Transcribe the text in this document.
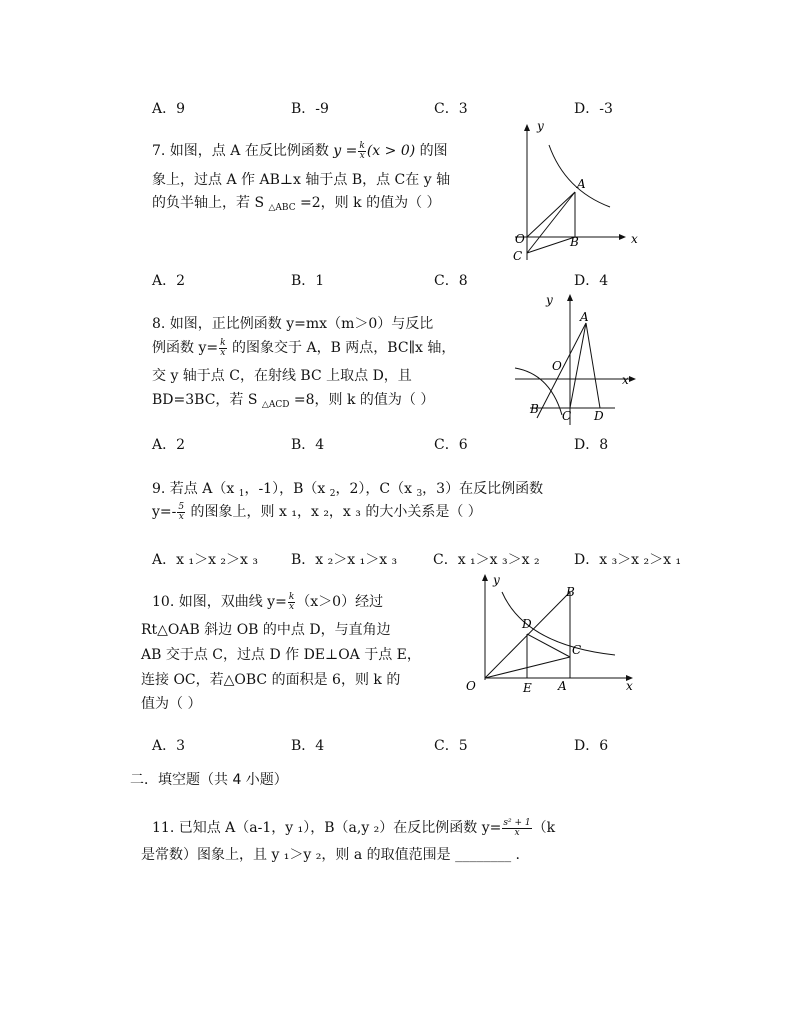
A．9	B．-9	C．3	D．-3
7. 如图，点 A 在反比例函数 $y = \frac{k}{x} (x > 0)$ 的图
象上，过点 A 作 AB⊥x 轴于点 B，点 C在 y 轴
的负半轴上，若 S $_{\triangle ABC}$ =2，则 k 的值为（ ）
y
x
A
B
O
C
A．2	B．1	C．8	D．4
8. 如图，正比例函数 y=mx（m＞0）与反比
例函数 $y= \frac{k}{x}$ 的图象交于 A，B 两点，BC∥x 轴，
交 y 轴于点 C，在射线 BC 上取点 D，且
BD=3BC，若 S $_{\triangle ACD}$ =8，则 k 的值为（ ）
y
x
A
O
B C D
A．2	B．4	C．6	D．8
9. 若点 A（x $_1$，-1），B（x $_2$，2），C（x $_3$，3）在反比例函数
$y=- \frac{5}{x}$ 的图象上，则 x ₁，x ₂，x ₃ 的大小关系是（ ）
A．x ₁＞x ₂＞x ₃ B．x ₂＞x ₁＞x ₃	C．x ₁＞x ₃＞x ₂ D．x ₃＞x ₂＞x ₁
10. 如图，双曲线 $y= \frac{k}{x} (x>0)$经过
Rt△OAB 斜边 OB 的中点 D，与直角边
AB 交于点 C，过点 D 作 DE⊥OA 于点 E，
连接 OC，若△OBC 的面积是 6，则 k 的
值为（ ）
y
x
B
D
C
O	E A
A．3	B．4	C．5	D．6
二．填空题（共 4 小题）
11. 已知点 A（a-1，y ₁），B（a,y ₂）在反比例函数 $y= \frac{\text{s² + 1}}{x} (k$
是常数）图象上，且 y ₁＞y ₂，则 a 的取值范围是 ________ .
